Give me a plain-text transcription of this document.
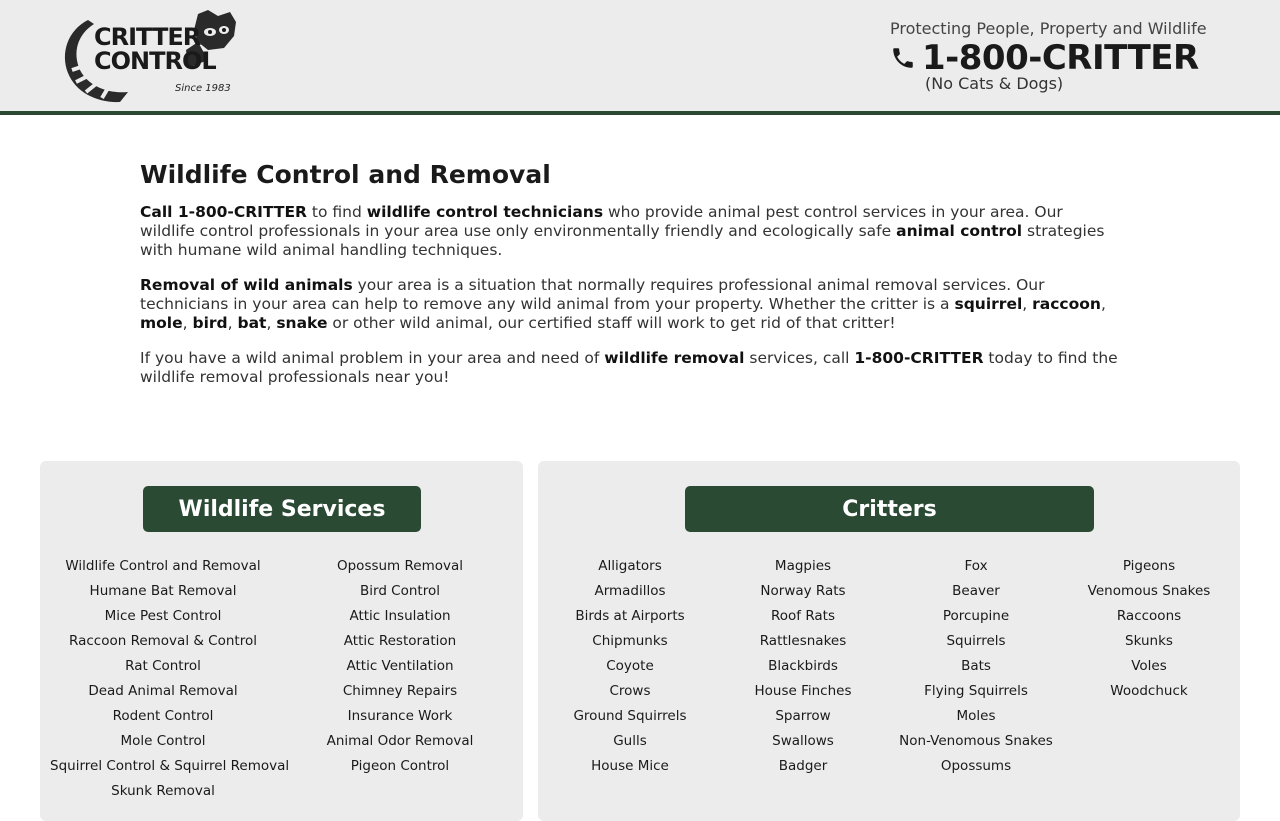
CRITTER
CONTROL
Since 1983
Protecting People, Property and Wildlife
1-800-CRITTER
(No Cats & Dogs)
Wildlife Control and Removal

Call 1-800-CRITTER to find wildlife control technicians who provide animal pest control services in your area. Our wildlife control professionals in your area use only environmentally friendly and ecologically safe animal control strategies with humane wild animal handling techniques.

Removal of wild animals your area is a situation that normally requires professional animal removal services. Our technicians in your area can help to remove any wild animal from your property. Whether the critter is a squirrel, raccoon, mole, bird, bat, snake or other wild animal, our certified staff will work to get rid of that critter!

If you have a wild animal problem in your area and need of wildlife removal services, call 1-800-CRITTER today to find the wildlife removal professionals near you!

Wildlife Services
Wildlife Control and Removal
Humane Bat Removal
Mice Pest Control
Raccoon Removal & Control
Rat Control
Dead Animal Removal
Rodent Control
Mole Control
Squirrel Control & Squirrel Removal
Skunk Removal
Opossum Removal
Bird Control
Attic Insulation
Attic Restoration
Attic Ventilation
Chimney Repairs
Insurance Work
Animal Odor Removal
Pigeon Control
Critters
Alligators
Armadillos
Birds at Airports
Chipmunks
Coyote
Crows
Ground Squirrels
Gulls
House Mice
Magpies
Norway Rats
Roof Rats
Rattlesnakes
Blackbirds
House Finches
Sparrow
Swallows
Badger
Fox
Beaver
Porcupine
Squirrels
Bats
Flying Squirrels
Moles
Non-Venomous Snakes
Opossums
Pigeons
Venomous Snakes
Raccoons
Skunks
Voles
Woodchuck
